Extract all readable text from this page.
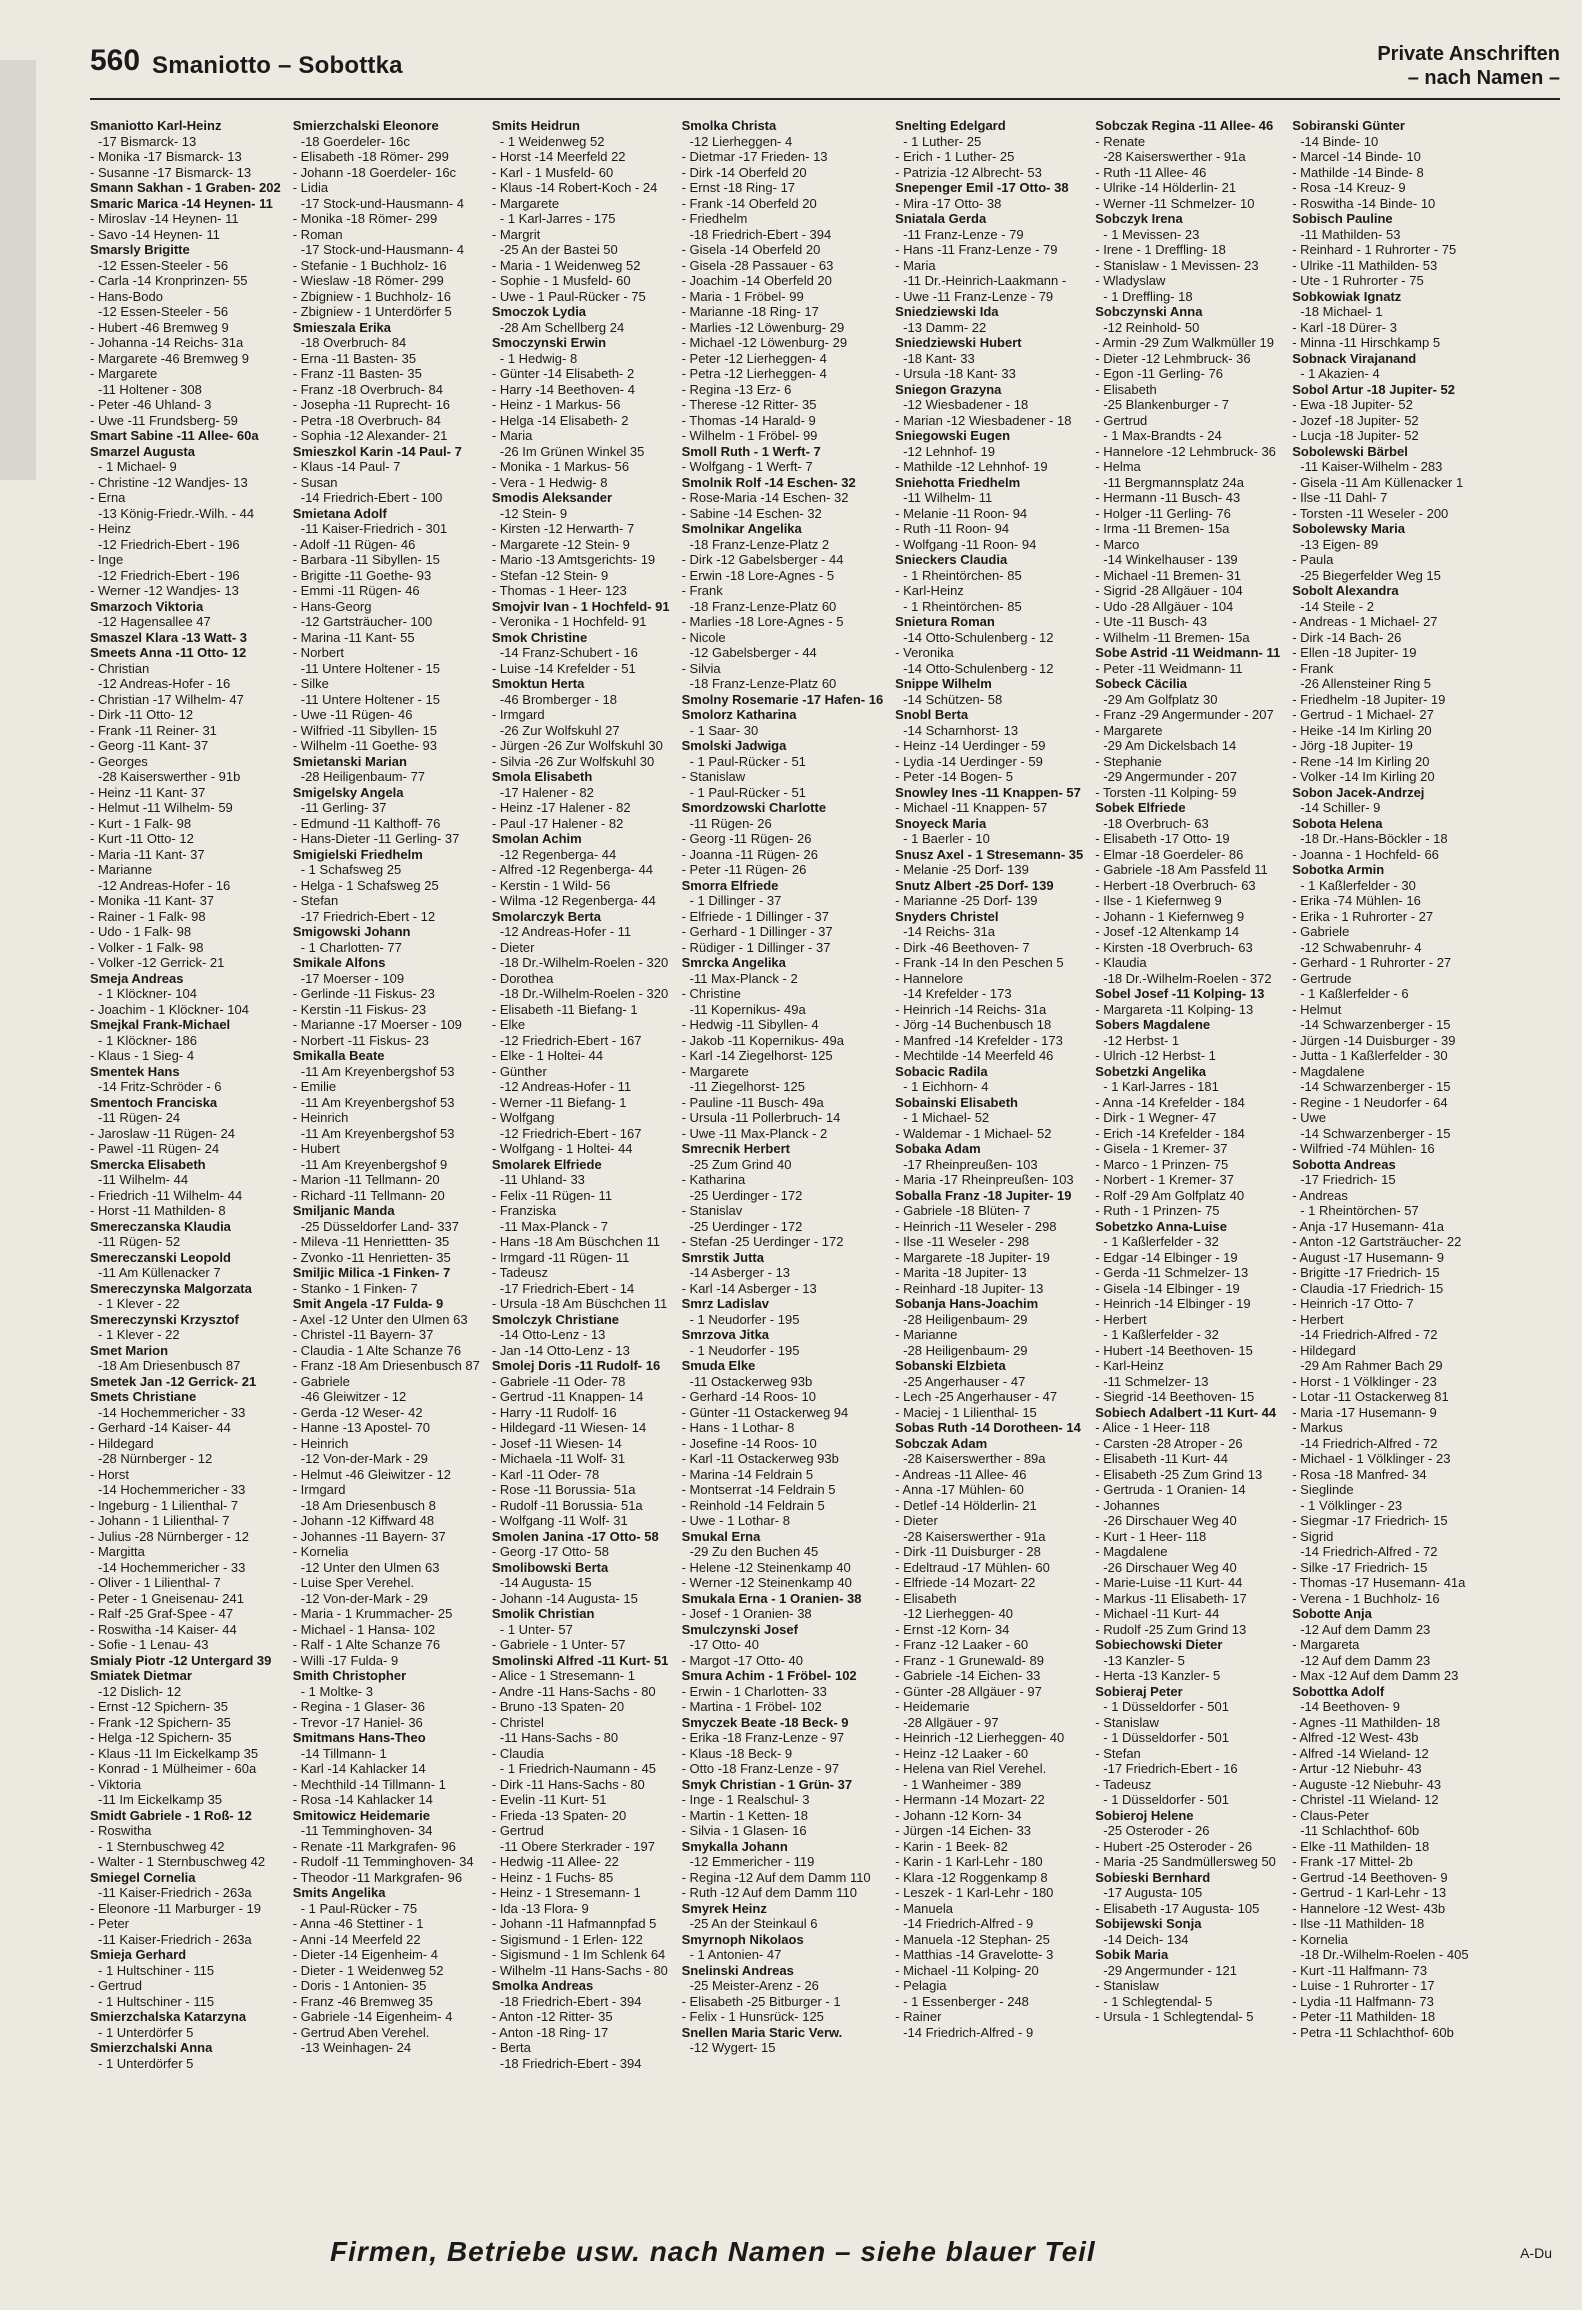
560 Smaniotto – Sobottka	Private Anschriften
– nach Namen –
Smaniotto Karl-Heinz
-17 Bismarck- 13
- Monika -17 Bismarck- 13
- Susanne -17 Bismarck- 13
Smann Sakhan - 1 Graben- 202
Smaric Marica -14 Heynen- 11
- Miroslav -14 Heynen- 11
- Savo -14 Heynen- 11
Smarsly Brigitte
-12 Essen-Steeler - 56
- Carla -14 Kronprinzen- 55
- Hans-Bodo
-12 Essen-Steeler - 56
- Hubert -46 Bremweg 9
- Johanna -14 Reichs- 31a
- Margarete -46 Bremweg 9
- Margarete
-11 Holtener - 308
- Peter -46 Uhland- 3
- Uwe -11 Frundsberg- 59
Smart Sabine -11 Allee- 60a
Smarzel Augusta
- 1 Michael- 9
- Christine -12 Wandjes- 13
- Erna
-13 König-Friedr.-Wilh. - 44
- Heinz
-12 Friedrich-Ebert - 196
- Inge
-12 Friedrich-Ebert - 196
- Werner -12 Wandjes- 13
Smarzoch Viktoria
-12 Hagensallee 47
Smaszel Klara -13 Watt- 3
Smeets Anna -11 Otto- 12
- Christian
-12 Andreas-Hofer - 16
- Christian -17 Wilhelm- 47
- Dirk -11 Otto- 12
- Frank -11 Reiner- 31
- Georg -11 Kant- 37
- Georges
-28 Kaiserswerther - 91b
- Heinz -11 Kant- 37
- Helmut -11 Wilhelm- 59
- Kurt - 1 Falk- 98
- Kurt -11 Otto- 12
- Maria -11 Kant- 37
- Marianne
-12 Andreas-Hofer - 16
- Monika -11 Kant- 37
- Rainer - 1 Falk- 98
- Udo - 1 Falk- 98
- Volker - 1 Falk- 98
- Volker -12 Gerrick- 21
Smeja Andreas
- 1 Klöckner- 104
- Joachim - 1 Klöckner- 104
Smejkal Frank-Michael
- 1 Klöckner- 186
- Klaus - 1 Sieg- 4
Smentek Hans
-14 Fritz-Schröder - 6
Smentoch Franciska
-11 Rügen- 24
- Jaroslaw -11 Rügen- 24
- Pawel -11 Rügen- 24
Smercka Elisabeth
-11 Wilhelm- 44
- Friedrich -11 Wilhelm- 44
- Horst -11 Mathilden- 8
Smereczanska Klaudia
-11 Rügen- 52
Smereczanski Leopold
-11 Am Küllenacker 7
Smereczynska Malgorzata
- 1 Klever - 22
Smereczynski Krzysztof
- 1 Klever - 22
Smet Marion
-18 Am Driesenbusch 87
Smetek Jan -12 Gerrick- 21
Smets Christiane
-14 Hochemmericher - 33
- Gerhard -14 Kaiser- 44
- Hildegard
-28 Nürnberger - 12
- Horst
-14 Hochemmericher - 33
- Ingeburg - 1 Lilienthal- 7
- Johann - 1 Lilienthal- 7
- Julius -28 Nürnberger - 12
- Margitta
-14 Hochemmericher - 33
- Oliver - 1 Lilienthal- 7
- Peter - 1 Gneisenau- 241
- Ralf -25 Graf-Spee - 47
- Roswitha -14 Kaiser- 44
- Sofie - 1 Lenau- 43
Smialy Piotr -12 Untergard 39
Smiatek Dietmar
-12 Dislich- 12
- Ernst -12 Spichern- 35
- Frank -12 Spichern- 35
- Helga -12 Spichern- 35
- Klaus -11 Im Eickelkamp 35
- Konrad - 1 Mülheimer - 60a
- Viktoria
-11 Im Eickelkamp 35
Smidt Gabriele - 1 Roß- 12
- Roswitha
- 1 Sternbuschweg 42
- Walter - 1 Sternbuschweg 42
Smiegel Cornelia
-11 Kaiser-Friedrich - 263a
- Eleonore -11 Marburger - 19
- Peter
-11 Kaiser-Friedrich - 263a
Smieja Gerhard
- 1 Hultschiner - 115
- Gertrud
- 1 Hultschiner - 115
Smierzchalska Katarzyna
- 1 Unterdörfer 5
Smierzchalski Anna
- 1 Unterdörfer 5
Smierzchalski Eleonore
-18 Goerdeler- 16c
- Elisabeth -18 Römer- 299
- Johann -18 Goerdeler- 16c
- Lidia
-17 Stock-und-Hausmann- 4
- Monika -18 Römer- 299
- Roman
-17 Stock-und-Hausmann- 4
- Stefanie - 1 Buchholz- 16
- Wieslaw -18 Römer- 299
- Zbigniew - 1 Buchholz- 16
- Zbigniew - 1 Unterdörfer 5
Smieszala Erika
-18 Overbruch- 84
- Erna -11 Basten- 35
- Franz -11 Basten- 35
- Franz -18 Overbruch- 84
- Josepha -11 Ruprecht- 16
- Petra -18 Overbruch- 84
- Sophia -12 Alexander- 21
Smieszkol Karin -14 Paul- 7
- Klaus -14 Paul- 7
- Susan
-14 Friedrich-Ebert - 100
Smietana Adolf
-11 Kaiser-Friedrich - 301
- Adolf -11 Rügen- 46
- Barbara -11 Sibyllen- 15
- Brigitte -11 Goethe- 93
- Emmi -11 Rügen- 46
- Hans-Georg
-12 Gartsträucher- 100
- Marina -11 Kant- 55
- Norbert
-11 Untere Holtener - 15
- Silke
-11 Untere Holtener - 15
- Uwe -11 Rügen- 46
- Wilfried -11 Sibyllen- 15
- Wilhelm -11 Goethe- 93
Smietanski Marian
-28 Heiligenbaum- 77
Smigelsky Angela
-11 Gerling- 37
- Edmund -11 Kalthoff- 76
- Hans-Dieter -11 Gerling- 37
Smigielski Friedhelm
- 1 Schafsweg 25
- Helga - 1 Schafsweg 25
- Stefan
-17 Friedrich-Ebert - 12
Smigowski Johann
- 1 Charlotten- 77
Smikale Alfons
-17 Moerser - 109
- Gerlinde -11 Fiskus- 23
- Kerstin -11 Fiskus- 23
- Marianne -17 Moerser - 109
- Norbert -11 Fiskus- 23
Smikalla Beate
-11 Am Kreyenbergshof 53
- Emilie
-11 Am Kreyenbergshof 53
- Heinrich
-11 Am Kreyenbergshof 53
- Hubert
-11 Am Kreyenbergshof 9
- Marion -11 Tellmann- 20
- Richard -11 Tellmann- 20
Smiljanic Manda
-25 Düsseldorfer Land- 337
- Mileva -11 Henriettten- 35
- Zvonko -11 Henrietten- 35
Smiljic Milica -1 Finken- 7
- Stanko - 1 Finken- 7
Smit Angela -17 Fulda- 9
- Axel -12 Unter den Ulmen 63
- Christel -11 Bayern- 37
- Claudia - 1 Alte Schanze 76
- Franz -18 Am Driesenbusch 87
- Gabriele
-46 Gleiwitzer - 12
- Gerda -12 Weser- 42
- Hanne -13 Apostel- 70
- Heinrich
-12 Von-der-Mark - 29
- Helmut -46 Gleiwitzer - 12
- Irmgard
-18 Am Driesenbusch 8
- Johann -12 Kiffward 48
- Johannes -11 Bayern- 37
- Kornelia
-12 Unter den Ulmen 63
- Luise Sper Verehel.
-12 Von-der-Mark - 29
- Maria - 1 Krummacher- 25
- Michael - 1 Hansa- 102
- Ralf - 1 Alte Schanze 76
- Willi -17 Fulda- 9
Smith Christopher
- 1 Moltke- 3
- Regina - 1 Glaser- 36
- Trevor -17 Haniel- 36
Smitmans Hans-Theo
-14 Tillmann- 1
- Karl -14 Kahlacker 14
- Mechthild -14 Tillmann- 1
- Rosa -14 Kahlacker 14
Smitowicz Heidemarie
-11 Temminghoven- 34
- Renate -11 Markgrafen- 96
- Rudolf -11 Temminghoven- 34
- Theodor -11 Markgrafen- 96
Smits Angelika
- 1 Paul-Rücker - 75
- Anna -46 Stettiner - 1
- Anni -14 Meerfeld 22
- Dieter -14 Eigenheim- 4
- Dieter - 1 Weidenweg 52
- Doris - 1 Antonien- 35
- Franz -46 Bremweg 35
- Gabriele -14 Eigenheim- 4
- Gertrud Aben Verehel.
-13 Weinhagen- 24
Smits Heidrun
- 1 Weidenweg 52
- Horst -14 Meerfeld 22
- Karl - 1 Musfeld- 60
- Klaus -14 Robert-Koch - 24
- Margarete
- 1 Karl-Jarres - 175
- Margrit
-25 An der Bastei 50
- Maria - 1 Weidenweg 52
- Sophie - 1 Musfeld- 60
- Uwe - 1 Paul-Rücker - 75
Smoczok Lydia
-28 Am Schellberg 24
Smoczynski Erwin
- 1 Hedwig- 8
- Günter -14 Elisabeth- 2
- Harry -14 Beethoven- 4
- Heinz - 1 Markus- 56
- Helga -14 Elisabeth- 2
- Maria
-26 Im Grünen Winkel 35
- Monika - 1 Markus- 56
- Vera - 1 Hedwig- 8
Smodis Aleksander
-12 Stein- 9
- Kirsten -12 Herwarth- 7
- Margarete -12 Stein- 9
- Mario -13 Amtsgerichts- 19
- Stefan -12 Stein- 9
- Thomas - 1 Heer- 123
Smojvir Ivan - 1 Hochfeld- 91
- Veronika - 1 Hochfeld- 91
Smok Christine
-14 Franz-Schubert - 16
- Luise -14 Krefelder - 51
Smoktun Herta
-46 Bromberger - 18
- Irmgard
-26 Zur Wolfskuhl 27
- Jürgen -26 Zur Wolfskuhl 30
- Silvia -26 Zur Wolfskuhl 30
Smola Elisabeth
-17 Halener - 82
- Heinz -17 Halener - 82
- Paul -17 Halener - 82
Smolan Achim
-12 Regenberga- 44
- Alfred -12 Regenberga- 44
- Kerstin - 1 Wild- 56
- Wilma -12 Regenberga- 44
Smolarczyk Berta
-12 Andreas-Hofer - 11
- Dieter
-18 Dr.-Wilhelm-Roelen - 320
- Dorothea
-18 Dr.-Wilhelm-Roelen - 320
- Elisabeth -11 Biefang- 1
- Elke
-12 Friedrich-Ebert - 167
- Elke - 1 Holtei- 44
- Günther
-12 Andreas-Hofer - 11
- Werner -11 Biefang- 1
- Wolfgang
-12 Friedrich-Ebert - 167
- Wolfgang - 1 Holtei- 44
Smolarek Elfriede
-11 Uhland- 33
- Felix -11 Rügen- 11
- Franziska
-11 Max-Planck - 7
- Hans -18 Am Büschchen 11
- Irmgard -11 Rügen- 11
- Tadeusz
-17 Friedrich-Ebert - 14
- Ursula -18 Am Büschchen 11
Smolczyk Christiane
-14 Otto-Lenz - 13
- Jan -14 Otto-Lenz - 13
Smolej Doris -11 Rudolf- 16
- Gabriele -11 Oder- 78
- Gertrud -11 Knappen- 14
- Harry -11 Rudolf- 16
- Hildegard -11 Wiesen- 14
- Josef -11 Wiesen- 14
- Michaela -11 Wolf- 31
- Karl -11 Oder- 78
- Rose -11 Borussia- 51a
- Rudolf -11 Borussia- 51a
- Wolfgang -11 Wolf- 31
Smolen Janina -17 Otto- 58
- Georg -17 Otto- 58
Smolibowski Berta
-14 Augusta- 15
- Johann -14 Augusta- 15
Smolik Christian
- 1 Unter- 57
- Gabriele - 1 Unter- 57
Smolinski Alfred -11 Kurt- 51
- Alice - 1 Stresemann- 1
- Andre -11 Hans-Sachs - 80
- Bruno -13 Spaten- 20
- Christel
-11 Hans-Sachs - 80
- Claudia
- 1 Friedrich-Naumann - 45
- Dirk -11 Hans-Sachs - 80
- Evelin -11 Kurt- 51
- Frieda -13 Spaten- 20
- Gertrud
-11 Obere Sterkrader - 197
- Hedwig -11 Allee- 22
- Heinz - 1 Fuchs- 85
- Heinz - 1 Stresemann- 1
- Ida -13 Flora- 9
- Johann -11 Hafmannpfad 5
- Sigismund - 1 Erlen- 122
- Sigismund - 1 Im Schlenk 64
- Wilhelm -11 Hans-Sachs - 80
Smolka Andreas
-18 Friedrich-Ebert - 394
- Anton -12 Ritter- 35
- Anton -18 Ring- 17
- Berta
-18 Friedrich-Ebert - 394
Smolka Christa
-12 Lierheggen- 4
- Dietmar -17 Frieden- 13
- Dirk -14 Oberfeld 20
- Ernst -18 Ring- 17
- Frank -14 Oberfeld 20
- Friedhelm
-18 Friedrich-Ebert - 394
- Gisela -14 Oberfeld 20
- Gisela -28 Passauer - 63
- Joachim -14 Oberfeld 20
- Maria - 1 Fröbel- 99
- Marianne -18 Ring- 17
- Marlies -12 Löwenburg- 29
- Michael -12 Löwenburg- 29
- Peter -12 Lierheggen- 4
- Petra -12 Lierheggen- 4
- Regina -13 Erz- 6
- Therese -12 Ritter- 35
- Thomas -14 Harald- 9
- Wilhelm - 1 Fröbel- 99
Smoll Ruth - 1 Werft- 7
- Wolfgang - 1 Werft- 7
Smolnik Rolf -14 Eschen- 32
- Rose-Maria -14 Eschen- 32
- Sabine -14 Eschen- 32
Smolnikar Angelika
-18 Franz-Lenze-Platz 2
- Dirk -12 Gabelsberger - 44
- Erwin -18 Lore-Agnes - 5
- Frank
-18 Franz-Lenze-Platz 60
- Marlies -18 Lore-Agnes - 5
- Nicole
-12 Gabelsberger - 44
- Silvia
-18 Franz-Lenze-Platz 60
Smolny Rosemarie -17 Hafen- 16
Smolorz Katharina
- 1 Saar- 30
Smolski Jadwiga
- 1 Paul-Rücker - 51
- Stanislaw
- 1 Paul-Rücker - 51
Smordzowski Charlotte
-11 Rügen- 26
- Georg -11 Rügen- 26
- Joanna -11 Rügen- 26
- Peter -11 Rügen- 26
Smorra Elfriede
- 1 Dillinger - 37
- Elfriede - 1 Dillinger - 37
- Gerhard - 1 Dillinger - 37
- Rüdiger - 1 Dillinger - 37
Smrcka Angelika
-11 Max-Planck - 2
- Christine
-11 Kopernikus- 49a
- Hedwig -11 Sibyllen- 4
- Jakob -11 Kopernikus- 49a
- Karl -14 Ziegelhorst- 125
- Margarete
-11 Ziegelhorst- 125
- Pauline -11 Busch- 49a
- Ursula -11 Pollerbruch- 14
- Uwe -11 Max-Planck - 2
Smrecnik Herbert
-25 Zum Grind 40
- Katharina
-25 Uerdinger - 172
- Stanislav
-25 Uerdinger - 172
- Stefan -25 Uerdinger - 172
Smrstik Jutta
-14 Asberger - 13
- Karl -14 Asberger - 13
Smrz Ladislav
- 1 Neudorfer - 195
Smrzova Jitka
- 1 Neudorfer - 195
Smuda Elke
-11 Ostackerweg 93b
- Gerhard -14 Roos- 10
- Günter -11 Ostackerweg 94
- Hans - 1 Lothar- 8
- Josefine -14 Roos- 10
- Karl -11 Ostackerweg 93b
- Marina -14 Feldrain 5
- Montserrat -14 Feldrain 5
- Reinhold -14 Feldrain 5
- Uwe - 1 Lothar- 8
Smukal Erna
-29 Zu den Buchen 45
- Helene -12 Steinenkamp 40
- Werner -12 Steinenkamp 40
Smukala Erna - 1 Oranien- 38
- Josef - 1 Oranien- 38
Smulczynski Josef
-17 Otto- 40
- Margot -17 Otto- 40
Smura Achim - 1 Fröbel- 102
- Erwin - 1 Charlotten- 33
- Martina - 1 Fröbel- 102
Smyczek Beate -18 Beck- 9
- Erika -18 Franz-Lenze - 97
- Klaus -18 Beck- 9
- Otto -18 Franz-Lenze - 97
Smyk Christian - 1 Grün- 37
- Inge - 1 Realschul- 3
- Martin - 1 Ketten- 18
- Silvia - 1 Glasen- 16
Smykalla Johann
-12 Emmericher - 119
- Regina -12 Auf dem Damm 110
- Ruth -12 Auf dem Damm 110
Smyrek Heinz
-25 An der Steinkaul 6
Smyrnoph Nikolaos
- 1 Antonien- 47
Snelinski Andreas
-25 Meister-Arenz - 26
- Elisabeth -25 Bitburger - 1
- Felix - 1 Hunsrück- 125
Snellen Maria Staric Verw.
-12 Wygert- 15
Snelting Edelgard
- 1 Luther- 25
- Erich - 1 Luther- 25
- Patrizia -12 Albrecht- 53
Snepenger Emil -17 Otto- 38
- Mira -17 Otto- 38
Sniatala Gerda
-11 Franz-Lenze - 79
- Hans -11 Franz-Lenze - 79
- Maria
-11 Dr.-Heinrich-Laakmann -
- Uwe -11 Franz-Lenze - 79
Sniedziewski Ida
-13 Damm- 22
Sniedziewski Hubert
-18 Kant- 33
- Ursula -18 Kant- 33
Sniegon Grazyna
-12 Wiesbadener - 18
- Marian -12 Wiesbadener - 18
Sniegowski Eugen
-12 Lehnhof- 19
- Mathilde -12 Lehnhof- 19
Sniehotta Friedhelm
-11 Wilhelm- 11
- Melanie -11 Roon- 94
- Ruth -11 Roon- 94
- Wolfgang -11 Roon- 94
Snieckers Claudia
- 1 Rheintörchen- 85
- Karl-Heinz
- 1 Rheintörchen- 85
Snietura Roman
-14 Otto-Schulenberg - 12
- Veronika
-14 Otto-Schulenberg - 12
Snippe Wilhelm
-14 Schützen- 58
Snobl Berta
-14 Scharnhorst- 13
- Heinz -14 Uerdinger - 59
- Lydia -14 Uerdinger - 59
- Peter -14 Bogen- 5
Snowley Ines -11 Knappen- 57
- Michael -11 Knappen- 57
Snoyeck Maria
- 1 Baerler - 10
Snusz Axel - 1 Stresemann- 35
- Melanie -25 Dorf- 139
Snutz Albert -25 Dorf- 139
- Marianne -25 Dorf- 139
Snyders Christel
-14 Reichs- 31a
- Dirk -46 Beethoven- 7
- Frank -14 In den Peschen 5
- Hannelore
-14 Krefelder - 173
- Heinrich -14 Reichs- 31a
- Jörg -14 Buchenbusch 18
- Manfred -14 Krefelder - 173
- Mechtilde -14 Meerfeld 46
Sobacic Radila
- 1 Eichhorn- 4
Sobainski Elisabeth
- 1 Michael- 52
- Waldemar - 1 Michael- 52
Sobaka Adam
-17 Rheinpreußen- 103
- Maria -17 Rheinpreußen- 103
Soballa Franz -18 Jupiter- 19
- Gabriele -18 Blüten- 7
- Heinrich -11 Weseler - 298
- Ilse -11 Weseler - 298
- Margarete -18 Jupiter- 19
- Marita -18 Jupiter- 13
- Reinhard -18 Jupiter- 13
Sobanja Hans-Joachim
-28 Heiligenbaum- 29
- Marianne
-28 Heiligenbaum- 29
Sobanski Elzbieta
-25 Angerhauser - 47
- Lech -25 Angerhauser - 47
- Maciej - 1 Lilienthal- 15
Sobas Ruth -14 Dorotheen- 14
Sobczak Adam
-28 Kaiserswerther - 89a
- Andreas -11 Allee- 46
- Anna -17 Mühlen- 60
- Detlef -14 Hölderlin- 21
- Dieter
-28 Kaiserswerther - 91a
- Dirk -11 Duisburger - 28
- Edeltraud -17 Mühlen- 60
- Elfriede -14 Mozart- 22
- Elisabeth
-12 Lierheggen- 40
- Ernst -12 Korn- 34
- Franz -12 Laaker - 60
- Franz - 1 Grunewald- 89
- Gabriele -14 Eichen- 33
- Günter -28 Allgäuer - 97
- Heidemarie
-28 Allgäuer - 97
- Heinrich -12 Lierheggen- 40
- Heinz -12 Laaker - 60
- Helena van Riel Verehel.
- 1 Wanheimer - 389
- Hermann -14 Mozart- 22
- Johann -12 Korn- 34
- Jürgen -14 Eichen- 33
- Karin - 1 Beek- 82
- Karin - 1 Karl-Lehr - 180
- Klara -12 Roggenkamp 8
- Leszek - 1 Karl-Lehr - 180
- Manuela
-14 Friedrich-Alfred - 9
- Manuela -12 Stephan- 25
- Matthias -14 Gravelotte- 3
- Michael -11 Kolping- 20
- Pelagia
- 1 Essenberger - 248
- Rainer
-14 Friedrich-Alfred - 9
Sobczak Regina -11 Allee- 46
- Renate
-28 Kaiserswerther - 91a
- Ruth -11 Allee- 46
- Ulrike -14 Hölderlin- 21
- Werner -11 Schmelzer- 10
Sobczyk Irena
- 1 Mevissen- 23
- Irene - 1 Dreffling- 18
- Stanislaw - 1 Mevissen- 23
- Wladyslaw
- 1 Dreffling- 18
Sobczynski Anna
-12 Reinhold- 50
- Armin -29 Zum Walkmüller 19
- Dieter -12 Lehmbruck- 36
- Egon -11 Gerling- 76
- Elisabeth
-25 Blankenburger - 7
- Gertrud
- 1 Max-Brandts - 24
- Hannelore -12 Lehmbruck- 36
- Helma
-11 Bergmannsplatz 24a
- Hermann -11 Busch- 43
- Holger -11 Gerling- 76
- Irma -11 Bremen- 15a
- Marco
-14 Winkelhauser - 139
- Michael -11 Bremen- 31
- Sigrid -28 Allgäuer - 104
- Udo -28 Allgäuer - 104
- Ute -11 Busch- 43
- Wilhelm -11 Bremen- 15a
Sobe Astrid -11 Weidmann- 11
- Peter -11 Weidmann- 11
Sobeck Cäcilia
-29 Am Golfplatz 30
- Franz -29 Angermunder - 207
- Margarete
-29 Am Dickelsbach 14
- Stephanie
-29 Angermunder - 207
- Torsten -11 Kolping- 59
Sobek Elfriede
-18 Overbruch- 63
- Elisabeth -17 Otto- 19
- Elmar -18 Goerdeler- 86
- Gabriele -18 Am Passfeld 11
- Herbert -18 Overbruch- 63
- Ilse - 1 Kiefernweg 9
- Johann - 1 Kiefernweg 9
- Josef -12 Altenkamp 14
- Kirsten -18 Overbruch- 63
- Klaudia
-18 Dr.-Wilhelm-Roelen - 372
Sobel Josef -11 Kolping- 13
- Margareta -11 Kolping- 13
Sobers Magdalene
-12 Herbst- 1
- Ulrich -12 Herbst- 1
Sobetzki Angelika
- 1 Karl-Jarres - 181
- Anna -14 Krefelder - 184
- Dirk - 1 Wegner- 47
- Erich -14 Krefelder - 184
- Gisela - 1 Kremer- 37
- Marco - 1 Prinzen- 75
- Norbert - 1 Kremer- 37
- Rolf -29 Am Golfplatz 40
- Ruth - 1 Prinzen- 75
Sobetzko Anna-Luise
- 1 Kaßlerfelder - 32
- Edgar -14 Elbinger - 19
- Gerda -11 Schmelzer- 13
- Gisela -14 Elbinger - 19
- Heinrich -14 Elbinger - 19
- Herbert
- 1 Kaßlerfelder - 32
- Hubert -14 Beethoven- 15
- Karl-Heinz
-11 Schmelzer- 13
- Siegrid -14 Beethoven- 15
Sobiech Adalbert -11 Kurt- 44
- Alice - 1 Heer- 118
- Carsten -28 Atroper - 26
- Elisabeth -11 Kurt- 44
- Elisabeth -25 Zum Grind 13
- Gertruda - 1 Oranien- 14
- Johannes
-26 Dirschauer Weg 40
- Kurt - 1 Heer- 118
- Magdalene
-26 Dirschauer Weg 40
- Marie-Luise -11 Kurt- 44
- Markus -11 Elisabeth- 17
- Michael -11 Kurt- 44
- Rudolf -25 Zum Grind 13
Sobiechowski Dieter
-13 Kanzler- 5
- Herta -13 Kanzler- 5
Sobieraj Peter
- 1 Düsseldorfer - 501
- Stanislaw
- 1 Düsseldorfer - 501
- Stefan
-17 Friedrich-Ebert - 16
- Tadeusz
- 1 Düsseldorfer - 501
Sobieroj Helene
-25 Osteroder - 26
- Hubert -25 Osteroder - 26
- Maria -25 Sandmüllersweg 50
Sobieski Bernhard
-17 Augusta- 105
- Elisabeth -17 Augusta- 105
Sobijewski Sonja
-14 Deich- 134
Sobik Maria
-29 Angermunder - 121
- Stanislaw
- 1 Schlegtendal- 5
- Ursula - 1 Schlegtendal- 5
Sobiranski Günter
-14 Binde- 10
- Marcel -14 Binde- 10
- Mathilde -14 Binde- 8
- Rosa -14 Kreuz- 9
- Roswitha -14 Binde- 10
Sobisch Pauline
-11 Mathilden- 53
- Reinhard - 1 Ruhrorter - 75
- Ulrike -11 Mathilden- 53
- Ute - 1 Ruhrorter - 75
Sobkowiak Ignatz
-18 Michael- 1
- Karl -18 Dürer- 3
- Minna -11 Hirschkamp 5
Sobnack Virajanand
- 1 Akazien- 4
Sobol Artur -18 Jupiter- 52
- Ewa -18 Jupiter- 52
- Jozef -18 Jupiter- 52
- Lucja -18 Jupiter- 52
Sobolewski Bärbel
-11 Kaiser-Wilhelm - 283
- Gisela -11 Am Küllenacker 1
- Ilse -11 Dahl- 7
- Torsten -11 Weseler - 200
Sobolewsky Maria
-13 Eigen- 89
- Paula
-25 Biegerfelder Weg 15
Sobolt Alexandra
-14 Steile - 2
- Andreas - 1 Michael- 27
- Dirk -14 Bach- 26
- Ellen -18 Jupiter- 19
- Frank
-26 Allensteiner Ring 5
- Friedhelm -18 Jupiter- 19
- Gertrud - 1 Michael- 27
- Heike -14 Im Kirling 20
- Jörg -18 Jupiter- 19
- Rene -14 Im Kirling 20
- Volker -14 Im Kirling 20
Sobon Jacek-Andrzej
-14 Schiller- 9
Sobota Helena
-18 Dr.-Hans-Böckler - 18
- Joanna - 1 Hochfeld- 66
Sobotka Armin
- 1 Kaßlerfelder - 30
- Erika -74 Mühlen- 16
- Erika - 1 Ruhrorter - 27
- Gabriele
-12 Schwabenruhr- 4
- Gerhard - 1 Ruhrorter - 27
- Gertrude
- 1 Kaßlerfelder - 6
- Helmut
-14 Schwarzenberger - 15
- Jürgen -14 Duisburger - 39
- Jutta - 1 Kaßlerfelder - 30
- Magdalene
-14 Schwarzenberger - 15
- Regine - 1 Neudorfer - 64
- Uwe
-14 Schwarzenberger - 15
- Wilfried -74 Mühlen- 16
Sobotta Andreas
-17 Friedrich- 15
- Andreas
- 1 Rheintörchen- 57
- Anja -17 Husemann- 41a
- Anton -12 Gartsträucher- 22
- August -17 Husemann- 9
- Brigitte -17 Friedrich- 15
- Claudia -17 Friedrich- 15
- Heinrich -17 Otto- 7
- Herbert
-14 Friedrich-Alfred - 72
- Hildegard
-29 Am Rahmer Bach 29
- Horst - 1 Völklinger - 23
- Lotar -11 Ostackerweg 81
- Maria -17 Husemann- 9
- Markus
-14 Friedrich-Alfred - 72
- Michael - 1 Völklinger - 23
- Rosa -18 Manfred- 34
- Sieglinde
- 1 Völklinger - 23
- Siegmar -17 Friedrich- 15
- Sigrid
-14 Friedrich-Alfred - 72
- Silke -17 Friedrich- 15
- Thomas -17 Husemann- 41a
- Verena - 1 Buchholz- 16
Sobotte Anja
-12 Auf dem Damm 23
- Margareta
-12 Auf dem Damm 23
- Max -12 Auf dem Damm 23
Sobottka Adolf
-14 Beethoven- 9
- Agnes -11 Mathilden- 18
- Alfred -12 West- 43b
- Alfred -14 Wieland- 12
- Artur -12 Niebuhr- 43
- Auguste -12 Niebuhr- 43
- Christel -11 Wieland- 12
- Claus-Peter
-11 Schlachthof- 60b
- Elke -11 Mathilden- 18
- Frank -17 Mittel- 2b
- Gertrud -14 Beethoven- 9
- Gertrud - 1 Karl-Lehr - 13
- Hannelore -12 West- 43b
- Ilse -11 Mathilden- 18
- Kornelia
-18 Dr.-Wilhelm-Roelen - 405
- Kurt -11 Halfmann- 73
- Luise - 1 Ruhrorter - 17
- Lydia -11 Halfmann- 73
- Peter -11 Mathilden- 18
- Petra -11 Schlachthof- 60b
Firmen, Betriebe usw. nach Namen – siehe blauer Teil	A-Du
